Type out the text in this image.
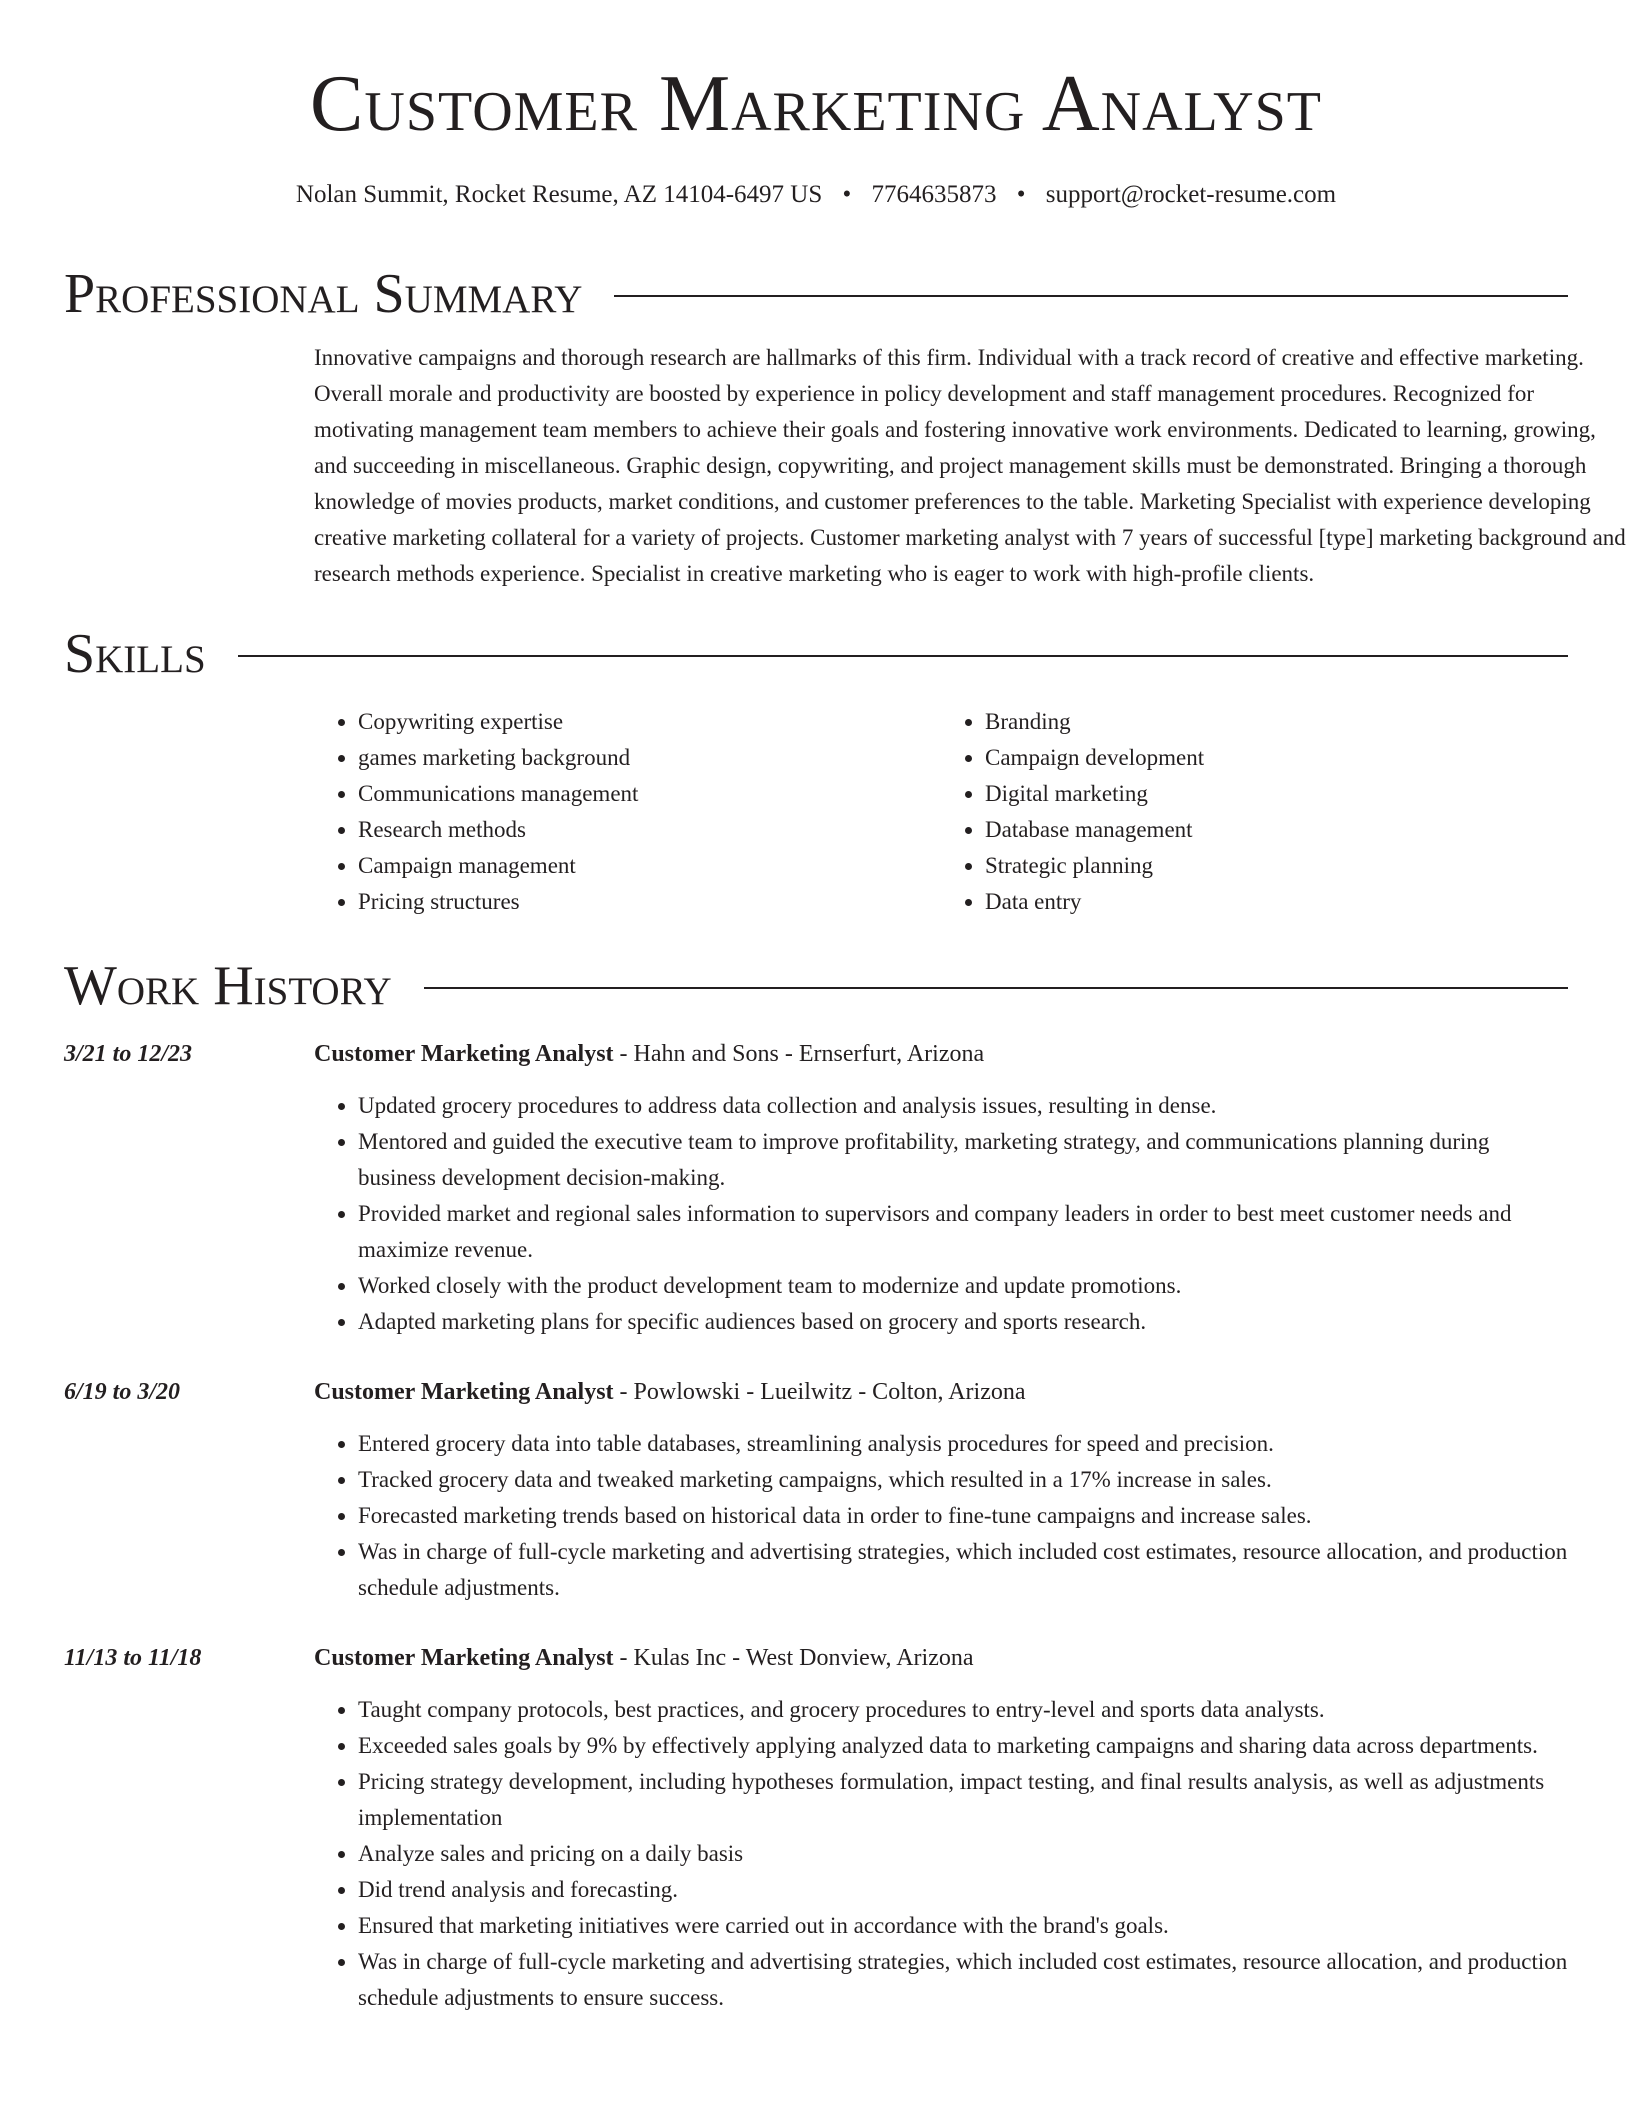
Customer Marketing Analyst
Nolan Summit, Rocket Resume, AZ 14104-6497 US • 7764635873 • support@rocket-resume.com
Professional Summary

Innovative campaigns and thorough research are hallmarks of this firm. Individual with a track record of creative and effective marketing. Overall morale and productivity are boosted by experience in policy development and staff management procedures. Recognized for motivating management team members to achieve their goals and fostering innovative work environments. Dedicated to learning, growing, and succeeding in miscellaneous. Graphic design, copywriting, and project management skills must be demonstrated. Bringing a thorough knowledge of movies products, market conditions, and customer preferences to the table. Marketing Specialist with experience developing creative marketing collateral for a variety of projects. Customer marketing analyst with 7 years of successful [type] marketing background and research methods experience. Specialist in creative marketing who is eager to work with high-profile clients.

Skills
• Copywriting expertise
• games marketing background
• Communications management
• Research methods
• Campaign management
• Pricing structures
• Branding
• Campaign development
• Digital marketing
• Database management
• Strategic planning
• Data entry
Work History
3/21 to 12/23	Customer Marketing Analyst - Hahn and Sons - Ernserfurt, Arizona
• Updated grocery procedures to address data collection and analysis issues, resulting in dense.
• Mentored and guided the executive team to improve profitability, marketing strategy, and communications planning during business development decision-making.
• Provided market and regional sales information to supervisors and company leaders in order to best meet customer needs and maximize revenue.
• Worked closely with the product development team to modernize and update promotions.
• Adapted marketing plans for specific audiences based on grocery and sports research.
6/19 to 3/20	Customer Marketing Analyst - Powlowski - Lueilwitz - Colton, Arizona
• Entered grocery data into table databases, streamlining analysis procedures for speed and precision.
• Tracked grocery data and tweaked marketing campaigns, which resulted in a 17% increase in sales.
• Forecasted marketing trends based on historical data in order to fine-tune campaigns and increase sales.
• Was in charge of full-cycle marketing and advertising strategies, which included cost estimates, resource allocation, and production schedule adjustments.
11/13 to 11/18	Customer Marketing Analyst - Kulas Inc - West Donview, Arizona
• Taught company protocols, best practices, and grocery procedures to entry-level and sports data analysts.
• Exceeded sales goals by 9% by effectively applying analyzed data to marketing campaigns and sharing data across departments.
• Pricing strategy development, including hypotheses formulation, impact testing, and final results analysis, as well as adjustments implementation
• Analyze sales and pricing on a daily basis
• Did trend analysis and forecasting.
• Ensured that marketing initiatives were carried out in accordance with the brand's goals.
• Was in charge of full-cycle marketing and advertising strategies, which included cost estimates, resource allocation, and production schedule adjustments to ensure success.
